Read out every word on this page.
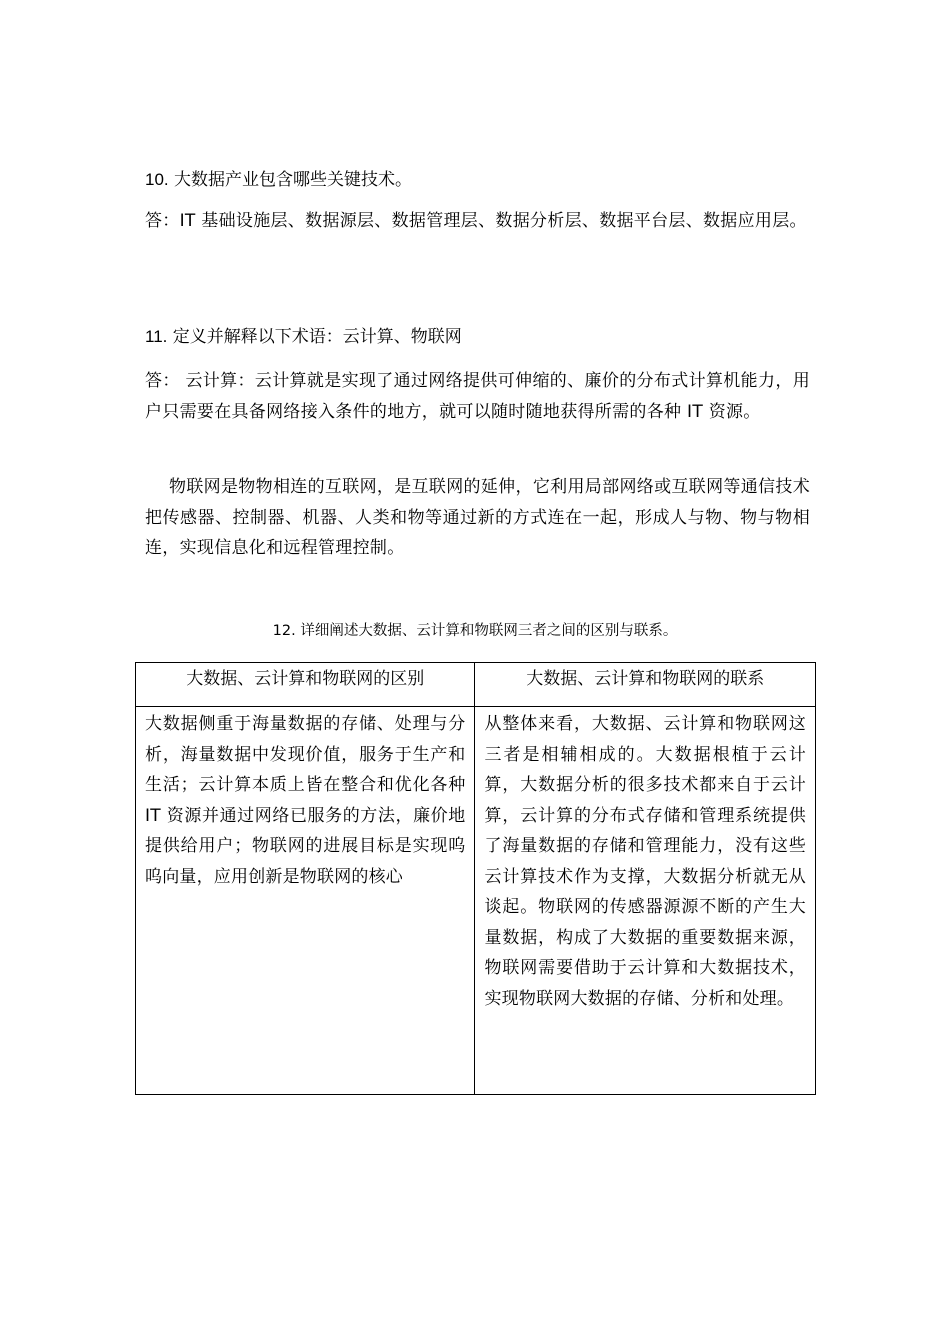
10. 大数据产业包含哪些关键技术。

答：IT 基础设施层、数据源层、数据管理层、数据分析层、数据平台层、数据应用层。

11. 定义并解释以下术语：云计算、物联网

答： 云计算：云计算就是实现了通过网络提供可伸缩的、廉价的分布式计算机能力，用户只需要在具备网络接入条件的地方，就可以随时随地获得所需的各种 IT 资源。

物联网是物物相连的互联网，是互联网的延伸，它利用局部网络或互联网等通信技术把传感器、控制器、机器、人类和物等通过新的方式连在一起，形成人与物、物与物相连，实现信息化和远程管理控制。

12. 详细阐述大数据、云计算和物联网三者之间的区别与联系。

大数据、云计算和物联网的区别	大数据、云计算和物联网的联系
大数据侧重于海量数据的存储、处理与分析，海量数据中发现价值，服务于生产和生活；云计算本质上皆在整合和优化各种 IT 资源并通过网络已服务的方法，廉价地提供给用户；物联网的进展目标是实现呜呜向量，应用创新是物联网的核心	从整体来看，大数据、云计算和物联网这三者是相辅相成的。大数据根植于云计算，大数据分析的很多技术都来自于云计算，云计算的分布式存储和管理系统提供了海量数据的存储和管理能力，没有这些云计算技术作为支撑，大数据分析就无从谈起。物联网的传感器源源不断的产生大量数据，构成了大数据的重要数据来源，物联网需要借助于云计算和大数据技术，实现物联网大数据的存储、分析和处理。
